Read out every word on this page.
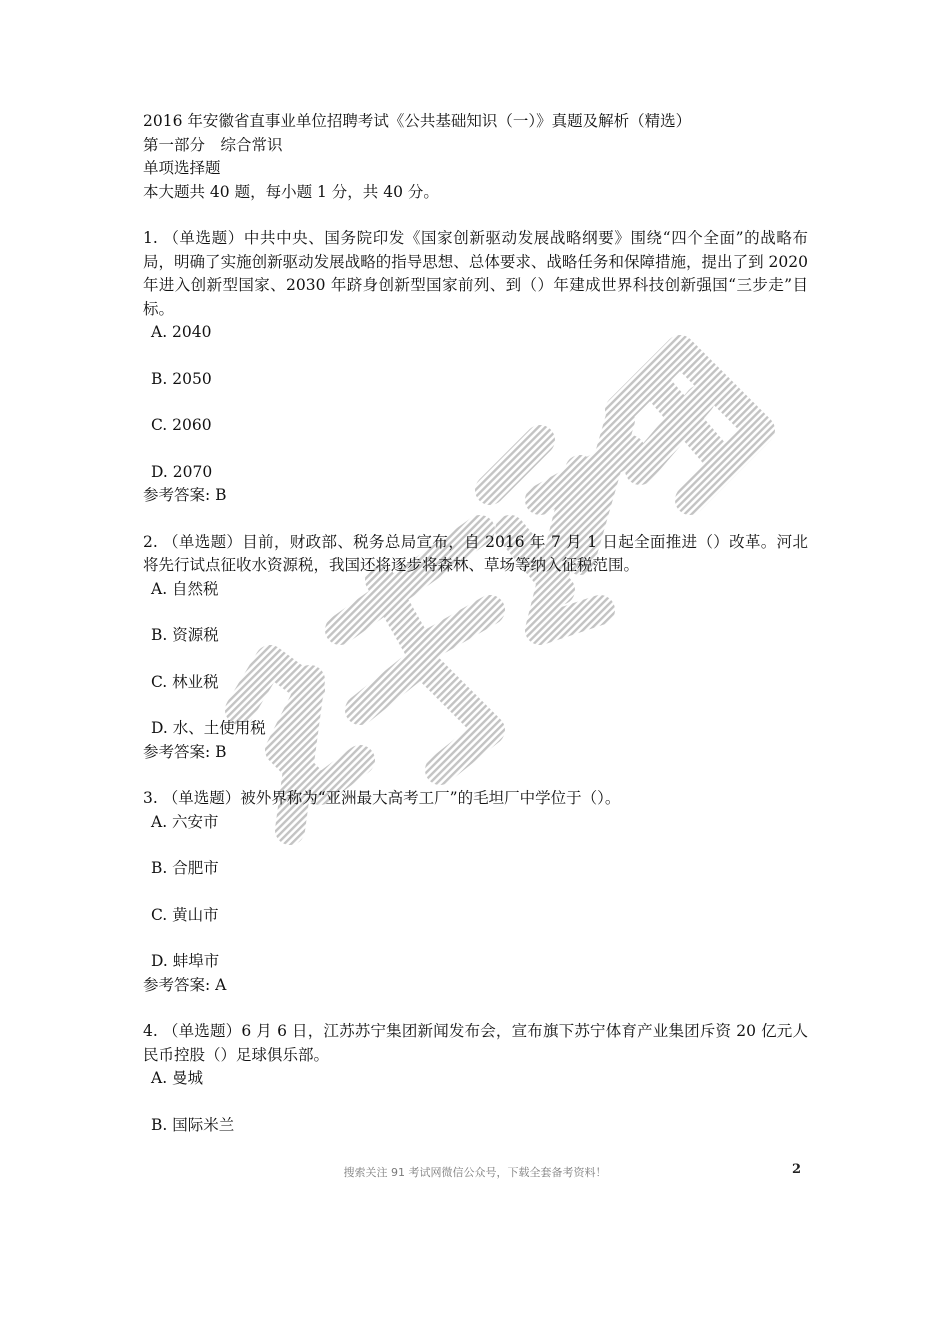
2016 年安徽省直事业单位招聘考试《公共基础知识（一）》真题及解析（精选）

第一部分　综合常识

单项选择题

本大题共 40 题，每小题 1 分，共 40 分。

1. （单选题）中共中央、国务院印发《国家创新驱动发展战略纲要》围绕“四个全面”的战略布局，明确了实施创新驱动发展战略的指导思想、总体要求、战略任务和保障措施，提出了到 2020 年进入创新型国家、2030 年跻身创新型国家前列、到（）年建成世界科技创新强国“三步走”目标。

A. 2040

B. 2050

C. 2060

D. 2070

参考答案: B

2. （单选题）目前，财政部、税务总局宣布，自 2016 年 7 月 1 日起全面推进（）改革。河北将先行试点征收水资源税，我国还将逐步将森林、草场等纳入征税范围。

A. 自然税

B. 资源税

C. 林业税

D. 水、土使用税

参考答案: B

3. （单选题）被外界称为“亚洲最大高考工厂”的毛坦厂中学位于（）。

A. 六安市

B. 合肥市

C. 黄山市

D. 蚌埠市

参考答案: A

4. （单选题）6 月 6 日，江苏苏宁集团新闻发布会，宣布旗下苏宁体育产业集团斥资 20 亿元人民币控股（）足球俱乐部。

A. 曼城

B. 国际米兰

搜索关注 91 考试网微信公众号，下载全套备考资料！	2
